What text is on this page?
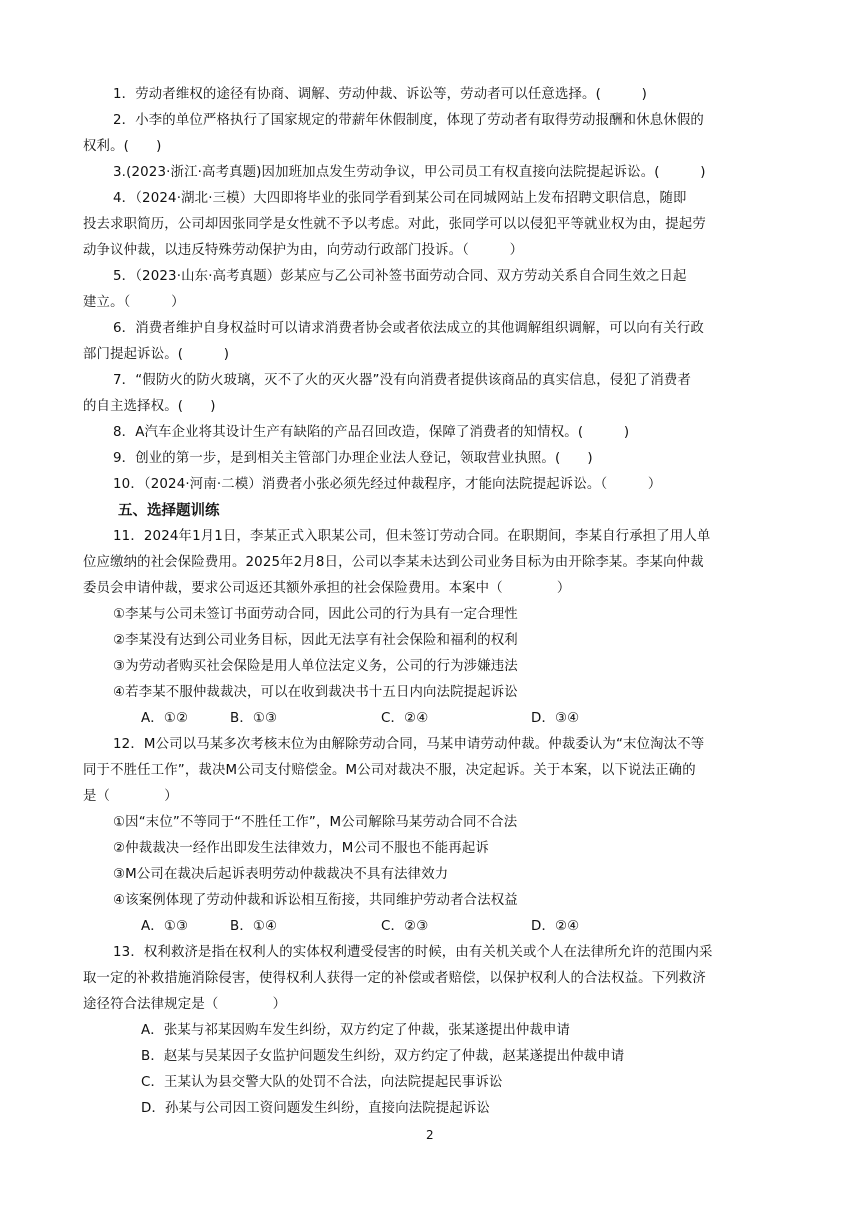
1．劳动者维权的途径有协商、调解、劳动仲裁、诉讼等，劳动者可以任意选择。(　　　)
2．小李的单位严格执行了国家规定的带薪年休假制度，体现了劳动者有取得劳动报酬和休息休假的
权利。(　　)
3.(2023·浙江·高考真题)因加班加点发生劳动争议，甲公司员工有权直接向法院提起诉讼。(　　　)
4．（2024·湖北·三模）大四即将毕业的张同学看到某公司在同城网站上发布招聘文职信息，随即
投去求职简历，公司却因张同学是女性就不予以考虑。对此，张同学可以以侵犯平等就业权为由，提起劳
动争议仲裁，以违反特殊劳动保护为由，向劳动行政部门投诉。（　　　）
5．（2023·山东·高考真题）彭某应与乙公司补签书面劳动合同、双方劳动关系自合同生效之日起
建立。（　　　）
6．消费者维护自身权益时可以请求消费者协会或者依法成立的其他调解组织调解，可以向有关行政
部门提起诉讼。(　　　)
7．“假防火的防火玻璃，灭不了火的灭火器”没有向消费者提供该商品的真实信息，侵犯了消费者
的自主选择权。(　　)
8．A汽车企业将其设计生产有缺陷的产品召回改造，保障了消费者的知情权。(　　　)
9．创业的第一步，是到相关主管部门办理企业法人登记，领取营业执照。(　　)
10．（2024·河南·二模）消费者小张必须先经过仲裁程序，才能向法院提起诉讼。（　　　）
五、选择题训练
11．2024年1月1日，李某正式入职某公司，但未签订劳动合同。在职期间，李某自行承担了用人单
位应缴纳的社会保险费用。2025年2月8日，公司以李某未达到公司业务目标为由开除李某。李某向仲裁
委员会申请仲裁，要求公司返还其额外承担的社会保险费用。本案中（　　　　）
①李某与公司未签订书面劳动合同，因此公司的行为具有一定合理性
②李某没有达到公司业务目标，因此无法享有社会保险和福利的权利
③为劳动者购买社会保险是用人单位法定义务，公司的行为涉嫌违法
④若李某不服仲裁裁决，可以在收到裁决书十五日内向法院提起诉讼
A．①②	B．①③	C．②④	D．③④
12．M公司以马某多次考核末位为由解除劳动合同，马某申请劳动仲裁。仲裁委认为“末位淘汰不等
同于不胜任工作”，裁决M公司支付赔偿金。M公司对裁决不服，决定起诉。关于本案，以下说法正确的
是（　　　　）
①因“末位”不等同于“不胜任工作”，M公司解除马某劳动合同不合法
②仲裁裁决一经作出即发生法律效力，M公司不服也不能再起诉
③M公司在裁决后起诉表明劳动仲裁裁决不具有法律效力
④该案例体现了劳动仲裁和诉讼相互衔接，共同维护劳动者合法权益
A．①③	B．①④	C．②③	D．②④
13．权利救济是指在权利人的实体权利遭受侵害的时候，由有关机关或个人在法律所允许的范围内采
取一定的补救措施消除侵害，使得权利人获得一定的补偿或者赔偿，以保护权利人的合法权益。下列救济
途径符合法律规定是（　　　　）
A．张某与祁某因购车发生纠纷，双方约定了仲裁，张某遂提出仲裁申请
B．赵某与吴某因子女监护问题发生纠纷，双方约定了仲裁，赵某遂提出仲裁申请
C．王某认为县交警大队的处罚不合法，向法院提起民事诉讼
D．孙某与公司因工资问题发生纠纷，直接向法院提起诉讼
2
